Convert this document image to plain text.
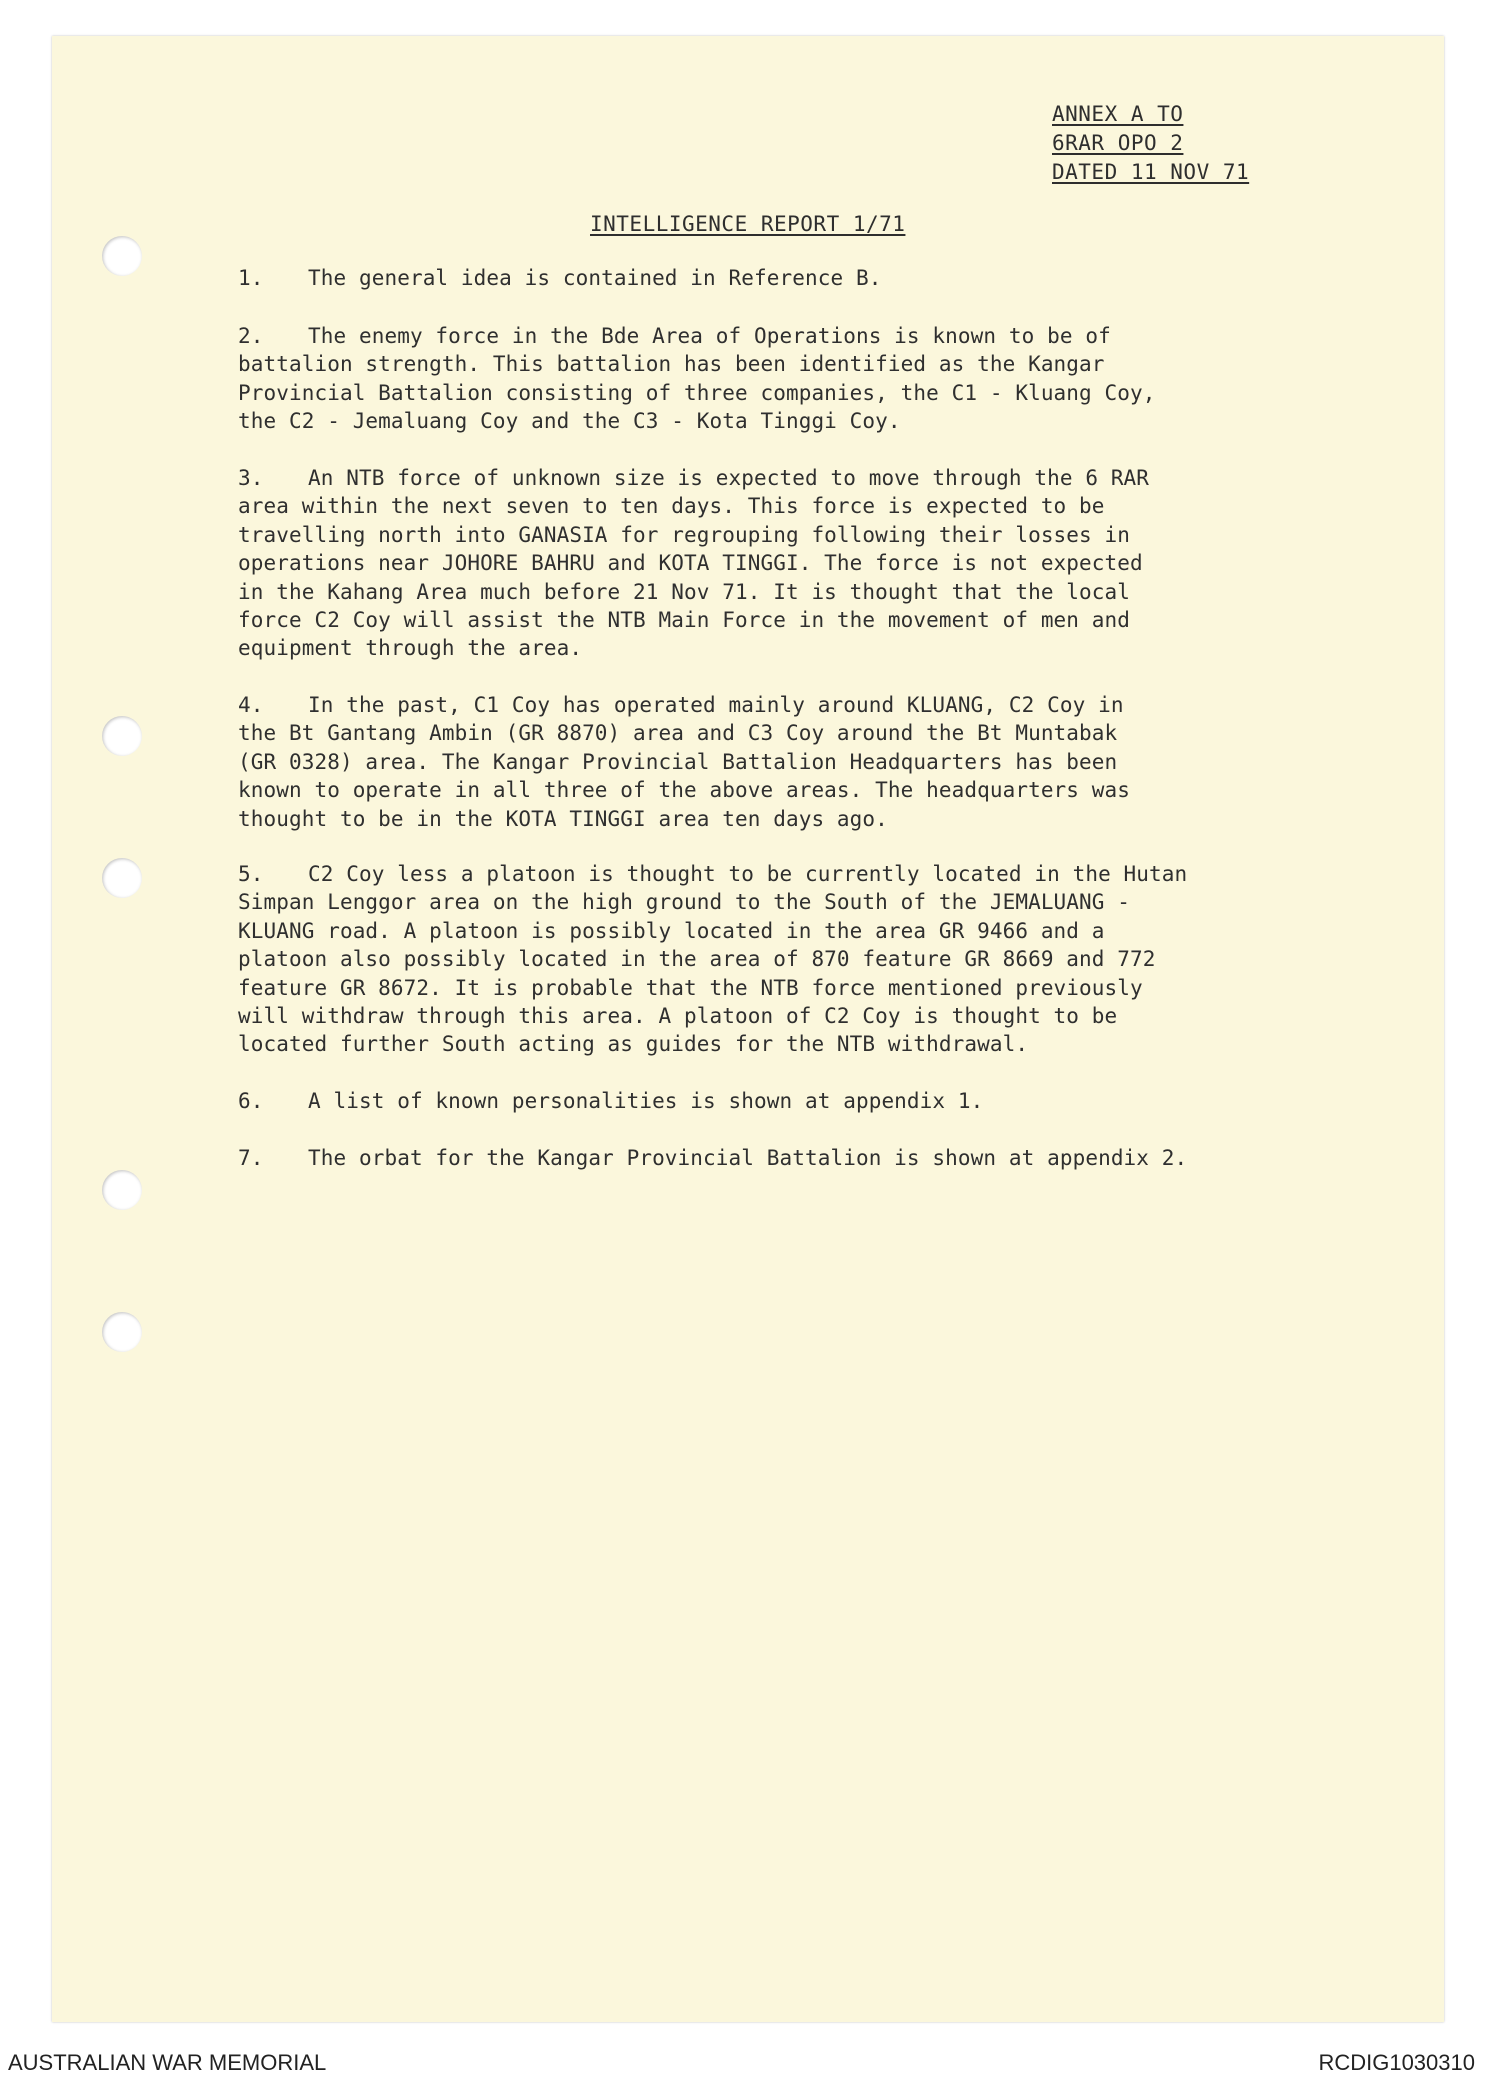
ANNEX A TO
6RAR OPO 2
DATED 11 NOV 71
INTELLIGENCE REPORT 1/71
1. The general idea is contained in Reference B.
2. The enemy force in the Bde Area of Operations is known to be of
battalion strength. This battalion has been identified as the Kangar
Provincial Battalion consisting of three companies, the C1 - Kluang Coy,
the C2 - Jemaluang Coy and the C3 - Kota Tinggi Coy.
3. An NTB force of unknown size is expected to move through the 6 RAR
area within the next seven to ten days. This force is expected to be
travelling north into GANASIA for regrouping following their losses in
operations near JOHORE BAHRU and KOTA TINGGI. The force is not expected
in the Kahang Area much before 21 Nov 71. It is thought that the local
force C2 Coy will assist the NTB Main Force in the movement of men and
equipment through the area.
4. In the past, C1 Coy has operated mainly around KLUANG, C2 Coy in
the Bt Gantang Ambin (GR 8870) area and C3 Coy around the Bt Muntabak
(GR 0328) area. The Kangar Provincial Battalion Headquarters has been
known to operate in all three of the above areas. The headquarters was
thought to be in the KOTA TINGGI area ten days ago.
5. C2 Coy less a platoon is thought to be currently located in the Hutan
Simpan Lenggor area on the high ground to the South of the JEMALUANG -
KLUANG road. A platoon is possibly located in the area GR 9466 and a
platoon also possibly located in the area of 870 feature GR 8669 and 772
feature GR 8672. It is probable that the NTB force mentioned previously
will withdraw through this area. A platoon of C2 Coy is thought to be
located further South acting as guides for the NTB withdrawal.
6. A list of known personalities is shown at appendix 1.
7. The orbat for the Kangar Provincial Battalion is shown at appendix 2.
AUSTRALIAN WAR MEMORIAL	RCDIG1030310
